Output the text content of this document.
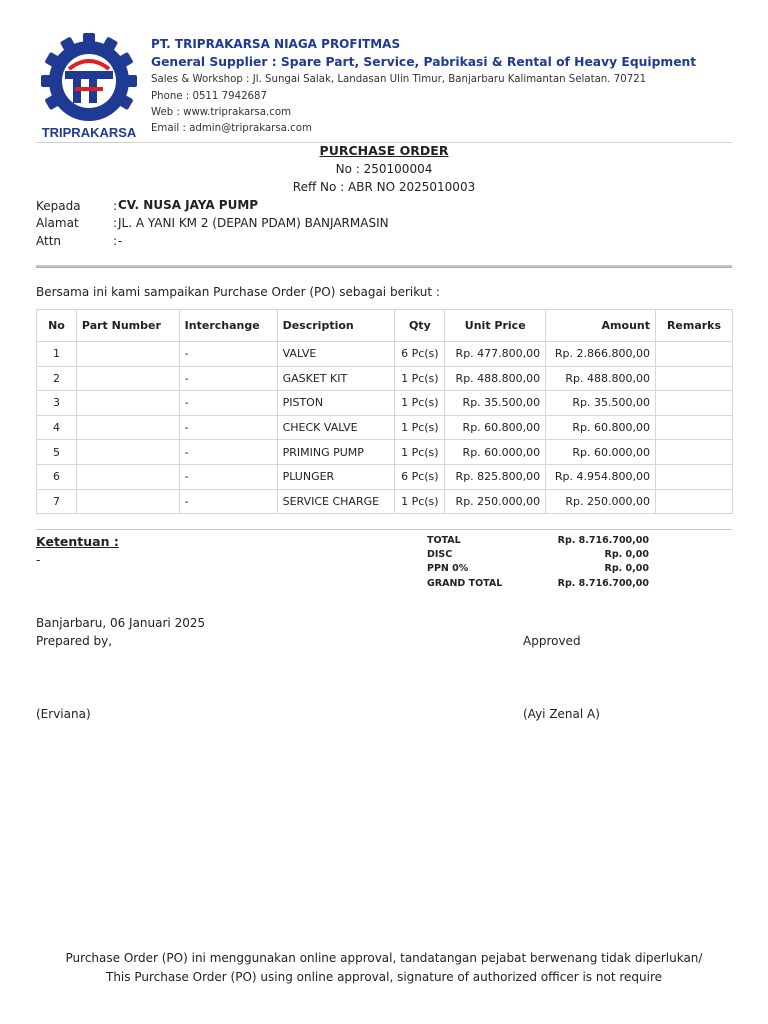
TRIPRAKARSA
PT. TRIPRAKARSA NIAGA PROFITMAS
General Supplier : Spare Part, Service, Pabrikasi & Rental of Heavy Equipment
Sales & Workshop : Jl. Sungai Salak, Landasan Ulin Timur, Banjarbaru Kalimantan Selatan. 70721
Phone : 0511 7942687
Web : www.triprakarsa.com
Email : admin@triprakarsa.com
PURCHASE ORDER
No : 250100004
Reff No : ABR NO 2025010003
Kepada	: CV. NUSA JAYA PUMP
Alamat	: JL. A YANI KM 2 (DEPAN PDAM) BANJARMASIN
Attn	: -
Bersama ini kami sampaikan Purchase Order (PO) sebagai berikut :
No	Part Number	Interchange	Description	Qty	Unit Price	Amount	Remarks
1		-	VALVE	6 Pc(s)	Rp. 477.800,00	Rp. 2.866.800,00	
2		-	GASKET KIT	1 Pc(s)	Rp. 488.800,00	Rp. 488.800,00	
3		-	PISTON	1 Pc(s)	Rp. 35.500,00	Rp. 35.500,00	
4		-	CHECK VALVE	1 Pc(s)	Rp. 60.800,00	Rp. 60.800,00	
5		-	PRIMING PUMP	1 Pc(s)	Rp. 60.000,00	Rp. 60.000,00	
6		-	PLUNGER	6 Pc(s)	Rp. 825.800,00	Rp. 4.954.800,00	
7		-	SERVICE CHARGE	1 Pc(s)	Rp. 250.000,00	Rp. 250.000,00	
Ketentuan :
-
TOTAL	Rp. 8.716.700,00
DISC	Rp. 0,00
PPN 0%	Rp. 0,00
GRAND TOTAL	Rp. 8.716.700,00
Banjarbaru, 06 Januari 2025
Prepared by,	Approved
(Erviana)	(Ayi Zenal A)
Purchase Order (PO) ini menggunakan online approval, tandatangan pejabat berwenang tidak diperlukan/
This Purchase Order (PO) using online approval, signature of authorized officer is not require
